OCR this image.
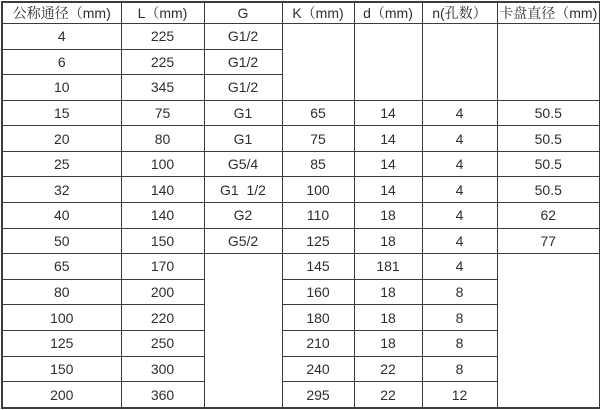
公称通径（mm)	L（mm)	G	K（mm)	d（mm)	n(孔数）	卡盘直径（mm)
4	225	G1/2				
6	225	G1/2				
10	345	G1/2				
15	75	G1	65	14	4	50.5
20	80	G1	75	14	4	50.5
25	100	G5/4	85	14	4	50.5
32	140	G1  1/2	100	14	4	50.5
40	140	G2	110	18	4	62
50	150	G5/2	125	18	4	77
65	170		145	181	4	
80	200		160	18	8	
100	220		180	18	8	
125	250		210	18	8	
150	300		240	22	8	
200	360		295	22	12	
